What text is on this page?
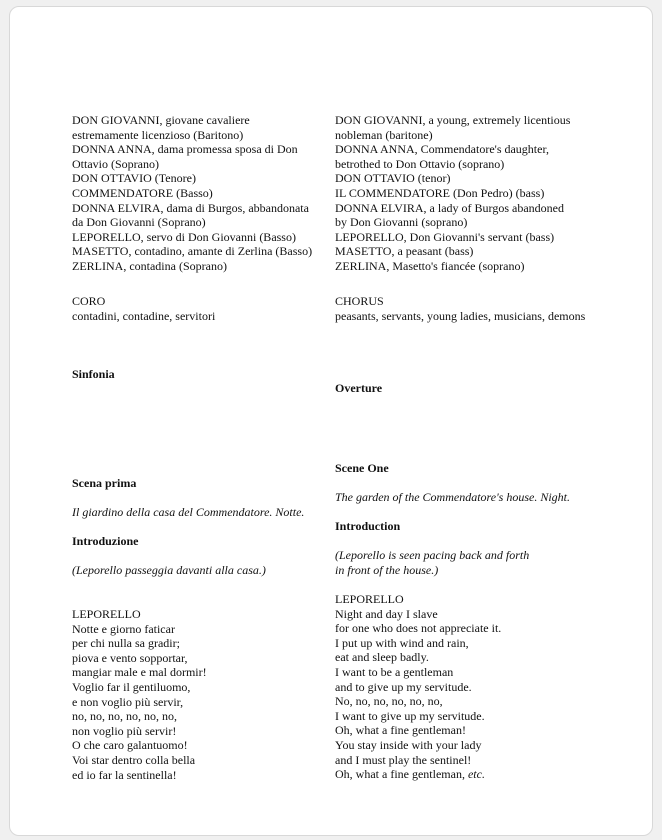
DON GIOVANNI, giovane cavaliere
estremamente licenzioso (Baritono)
DONNA ANNA, dama promessa sposa di Don
Ottavio (Soprano)
DON OTTAVIO (Tenore)
COMMENDATORE (Basso)
DONNA ELVIRA, dama di Burgos, abbandonata
da Don Giovanni (Soprano)
LEPORELLO, servo di Don Giovanni (Basso)
MASETTO, contadino, amante di Zerlina (Basso)
ZERLINA, contadina (Soprano)
CORO
contadini, contadine, servitori
Sinfonia
Scena prima
Il giardino della casa del Commendatore. Notte.
Introduzione
(Leporello passeggia davanti alla casa.)
LEPORELLO
Notte e giorno faticar
per chi nulla sa gradir;
piova e vento sopportar,
mangiar male e mal dormir!
Voglio far il gentiluomo,
e non voglio più servir,
no, no, no, no, no, no,
non voglio più servir!
O che caro galantuomo!
Voi star dentro colla bella
ed io far la sentinella!
DON GIOVANNI, a young, extremely licentious
nobleman (baritone)
DONNA ANNA, Commendatore's daughter,
betrothed to Don Ottavio (soprano)
DON OTTAVIO (tenor)
IL COMMENDATORE (Don Pedro) (bass)
DONNA ELVIRA, a lady of Burgos abandoned
by Don Giovanni (soprano)
LEPORELLO, Don Giovanni's servant (bass)
MASETTO, a peasant (bass)
ZERLINA, Masetto's fiancée (soprano)
CHORUS
peasants, servants, young ladies, musicians, demons
Overture
Scene One
The garden of the Commendatore's house. Night.
Introduction
(Leporello is seen pacing back and forth
in front of the house.)
LEPORELLO
Night and day I slave
for one who does not appreciate it.
I put up with wind and rain,
eat and sleep badly.
I want to be a gentleman
and to give up my servitude.
No, no, no, no, no, no,
I want to give up my servitude.
Oh, what a fine gentleman!
You stay inside with your lady
and I must play the sentinel!
Oh, what a fine gentleman, etc.
